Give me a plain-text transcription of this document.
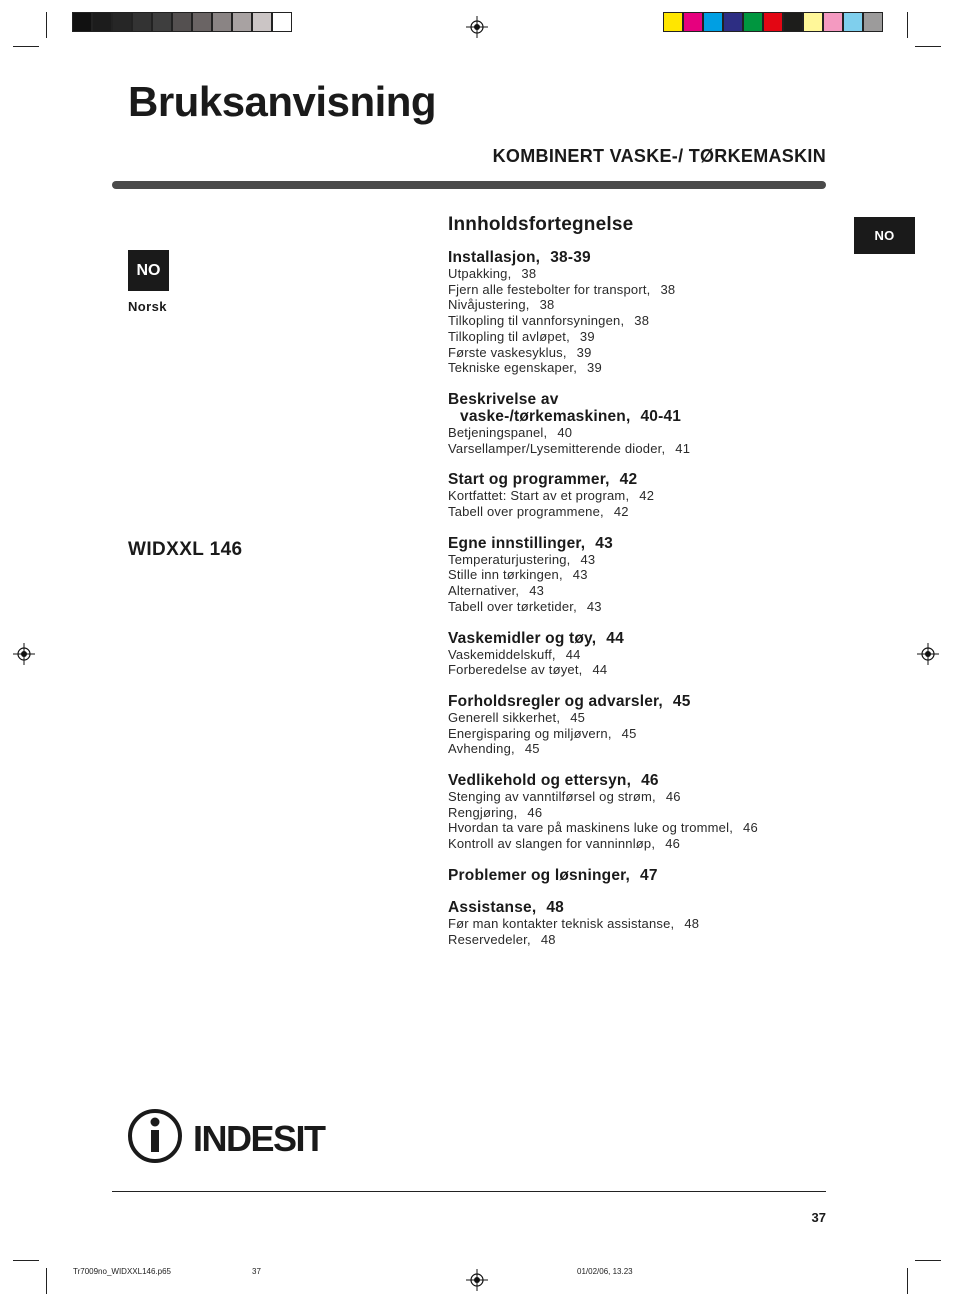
Bruksanvisning
KOMBINERT VASKE-/ TØRKEMASKIN
NO
NO
Norsk
WIDXXL 146
Innholdsfortegnelse
Installasjon, 38-39
Utpakking, 38
Fjern alle festebolter for transport, 38
Nivåjustering, 38
Tilkopling til vannforsyningen, 38
Tilkopling til avløpet, 39
Første vaskesyklus, 39
Tekniske egenskaper, 39
Beskrivelse av
vaske-/tørkemaskinen, 40-41
Betjeningspanel, 40
Varsellamper/Lysemitterende dioder, 41
Start og programmer, 42
Kortfattet: Start av et program, 42
Tabell over programmene, 42
Egne innstillinger, 43
Temperaturjustering, 43
Stille inn tørkingen, 43
Alternativer, 43
Tabell over tørketider, 43
Vaskemidler og tøy, 44
Vaskemiddelskuff, 44
Forberedelse av tøyet, 44
Forholdsregler og advarsler, 45
Generell sikkerhet, 45
Energisparing og miljøvern, 45
Avhending, 45
Vedlikehold og ettersyn, 46
Stenging av vanntilførsel og strøm, 46
Rengjøring, 46
Hvordan ta vare på maskinens luke og trommel, 46
Kontroll av slangen for vanninnløp, 46
Problemer og løsninger, 47
Assistanse, 48
Før man kontakter teknisk assistanse, 48
Reservedeler, 48
INDESIT
37
Tr7009no_WIDXXL146.p65	37	01/02/06, 13.23
